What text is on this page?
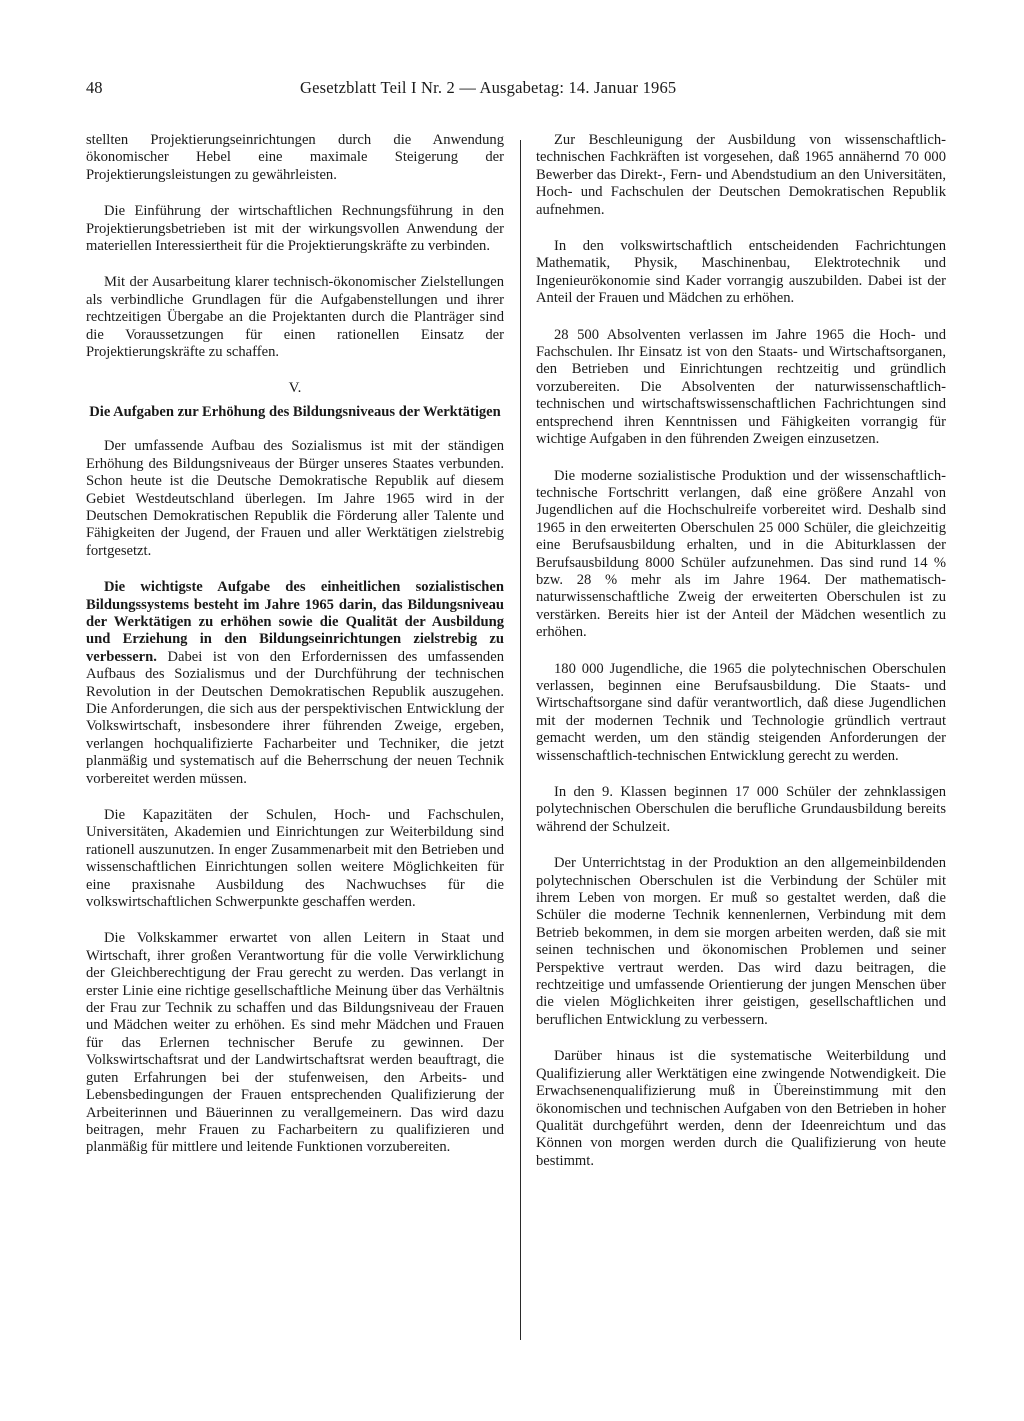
48	Gesetzblatt Teil I Nr. 2 — Ausgabetag: 14. Januar 1965

stellten Projektierungseinrichtungen durch die Anwendung ökonomischer Hebel eine maximale Steigerung der Projektierungsleistungen zu gewährleisten.

Die Einführung der wirtschaftlichen Rechnungsführung in den Projektierungsbetrieben ist mit der wirkungsvollen Anwendung der materiellen Interessiertheit für die Projektierungskräfte zu verbinden.

Mit der Ausarbeitung klarer technisch-ökonomischer Zielstellungen als verbindliche Grundlagen für die Aufgabenstellungen und ihrer rechtzeitigen Übergabe an die Projektanten durch die Planträger sind die Voraussetzungen für einen rationellen Einsatz der Projektierungskräfte zu schaffen.

V.
Die Aufgaben zur Erhöhung des Bildungsniveaus der Werktätigen

Der umfassende Aufbau des Sozialismus ist mit der ständigen Erhöhung des Bildungsniveaus der Bürger unseres Staates verbunden. Schon heute ist die Deutsche Demokratische Republik auf diesem Gebiet Westdeutschland überlegen. Im Jahre 1965 wird in der Deutschen Demokratischen Republik die Förderung aller Talente und Fähigkeiten der Jugend, der Frauen und aller Werktätigen zielstrebig fortgesetzt.

Die wichtigste Aufgabe des einheitlichen sozialistischen Bildungssystems besteht im Jahre 1965 darin, das Bildungsniveau der Werktätigen zu erhöhen sowie die Qualität der Ausbildung und Erziehung in den Bildungseinrichtungen zielstrebig zu verbessern. Dabei ist von den Erfordernissen des umfassenden Aufbaus des Sozialismus und der Durchführung der technischen Revolution in der Deutschen Demokratischen Republik auszugehen. Die Anforderungen, die sich aus der perspektivischen Entwicklung der Volkswirtschaft, insbesondere ihrer führenden Zweige, ergeben, verlangen hochqualifizierte Facharbeiter und Techniker, die jetzt planmäßig und systematisch auf die Beherrschung der neuen Technik vorbereitet werden müssen.

Die Kapazitäten der Schulen, Hoch- und Fachschulen, Universitäten, Akademien und Einrichtungen zur Weiterbildung sind rationell auszunutzen. In enger Zusammenarbeit mit den Betrieben und wissenschaftlichen Einrichtungen sollen weitere Möglichkeiten für eine praxisnahe Ausbildung des Nachwuchses für die volkswirtschaftlichen Schwerpunkte geschaffen werden.

Die Volkskammer erwartet von allen Leitern in Staat und Wirtschaft, ihrer großen Verantwortung für die volle Verwirklichung der Gleichberechtigung der Frau gerecht zu werden. Das verlangt in erster Linie eine richtige gesellschaftliche Meinung über das Verhältnis der Frau zur Technik zu schaffen und das Bildungsniveau der Frauen und Mädchen weiter zu erhöhen. Es sind mehr Mädchen und Frauen für das Erlernen technischer Berufe zu gewinnen. Der Volkswirtschaftsrat und der Landwirtschaftsrat werden beauftragt, die guten Erfahrungen bei der stufenweisen, den Arbeits- und Lebensbedingungen der Frauen entsprechenden Qualifizierung der Arbeiterinnen und Bäuerinnen zu verallgemeinern. Das wird dazu beitragen, mehr Frauen zu Facharbeitern zu qualifizieren und planmäßig für mittlere und leitende Funktionen vorzubereiten.

Zur Beschleunigung der Ausbildung von wissenschaftlich-technischen Fachkräften ist vorgesehen, daß 1965 annähernd 70 000 Bewerber das Direkt-, Fern- und Abendstudium an den Universitäten, Hoch- und Fachschulen der Deutschen Demokratischen Republik aufnehmen.

In den volkswirtschaftlich entscheidenden Fachrichtungen Mathematik, Physik, Maschinenbau, Elektrotechnik und Ingenieurökonomie sind Kader vorrangig auszubilden. Dabei ist der Anteil der Frauen und Mädchen zu erhöhen.

28 500 Absolventen verlassen im Jahre 1965 die Hoch- und Fachschulen. Ihr Einsatz ist von den Staats- und Wirtschaftsorganen, den Betrieben und Einrichtungen rechtzeitig und gründlich vorzubereiten. Die Absolventen der naturwissenschaftlich-technischen und wirtschaftswissenschaftlichen Fachrichtungen sind entsprechend ihren Kenntnissen und Fähigkeiten vorrangig für wichtige Aufgaben in den führenden Zweigen einzusetzen.

Die moderne sozialistische Produktion und der wissenschaftlich-technische Fortschritt verlangen, daß eine größere Anzahl von Jugendlichen auf die Hochschulreife vorbereitet wird. Deshalb sind 1965 in den erweiterten Oberschulen 25 000 Schüler, die gleichzeitig eine Berufsausbildung erhalten, und in die Abiturklassen der Berufsausbildung 8000 Schüler aufzunehmen. Das sind rund 14 % bzw. 28 % mehr als im Jahre 1964. Der mathematisch-naturwissenschaftliche Zweig der erweiterten Oberschulen ist zu verstärken. Bereits hier ist der Anteil der Mädchen wesentlich zu erhöhen.

180 000 Jugendliche, die 1965 die polytechnischen Oberschulen verlassen, beginnen eine Berufsausbildung. Die Staats- und Wirtschaftsorgane sind dafür verantwortlich, daß diese Jugendlichen mit der modernen Technik und Technologie gründlich vertraut gemacht werden, um den ständig steigenden Anforderungen der wissenschaftlich-technischen Entwicklung gerecht zu werden.

In den 9. Klassen beginnen 17 000 Schüler der zehnklassigen polytechnischen Oberschulen die berufliche Grundausbildung bereits während der Schulzeit.

Der Unterrichtstag in der Produktion an den allgemeinbildenden polytechnischen Oberschulen ist die Verbindung der Schüler mit ihrem Leben von morgen. Er muß so gestaltet werden, daß die Schüler die moderne Technik kennenlernen, Verbindung mit dem Betrieb bekommen, in dem sie morgen arbeiten werden, daß sie mit seinen technischen und ökonomischen Problemen und seiner Perspektive vertraut werden. Das wird dazu beitragen, die rechtzeitige und umfassende Orientierung der jungen Menschen über die vielen Möglichkeiten ihrer geistigen, gesellschaftlichen und beruflichen Entwicklung zu verbessern.

Darüber hinaus ist die systematische Weiterbildung und Qualifizierung aller Werktätigen eine zwingende Notwendigkeit. Die Erwachsenenqualifizierung muß in Übereinstimmung mit den ökonomischen und technischen Aufgaben von den Betrieben in hoher Qualität durchgeführt werden, denn der Ideenreichtum und das Können von morgen werden durch die Qualifizierung von heute bestimmt.
